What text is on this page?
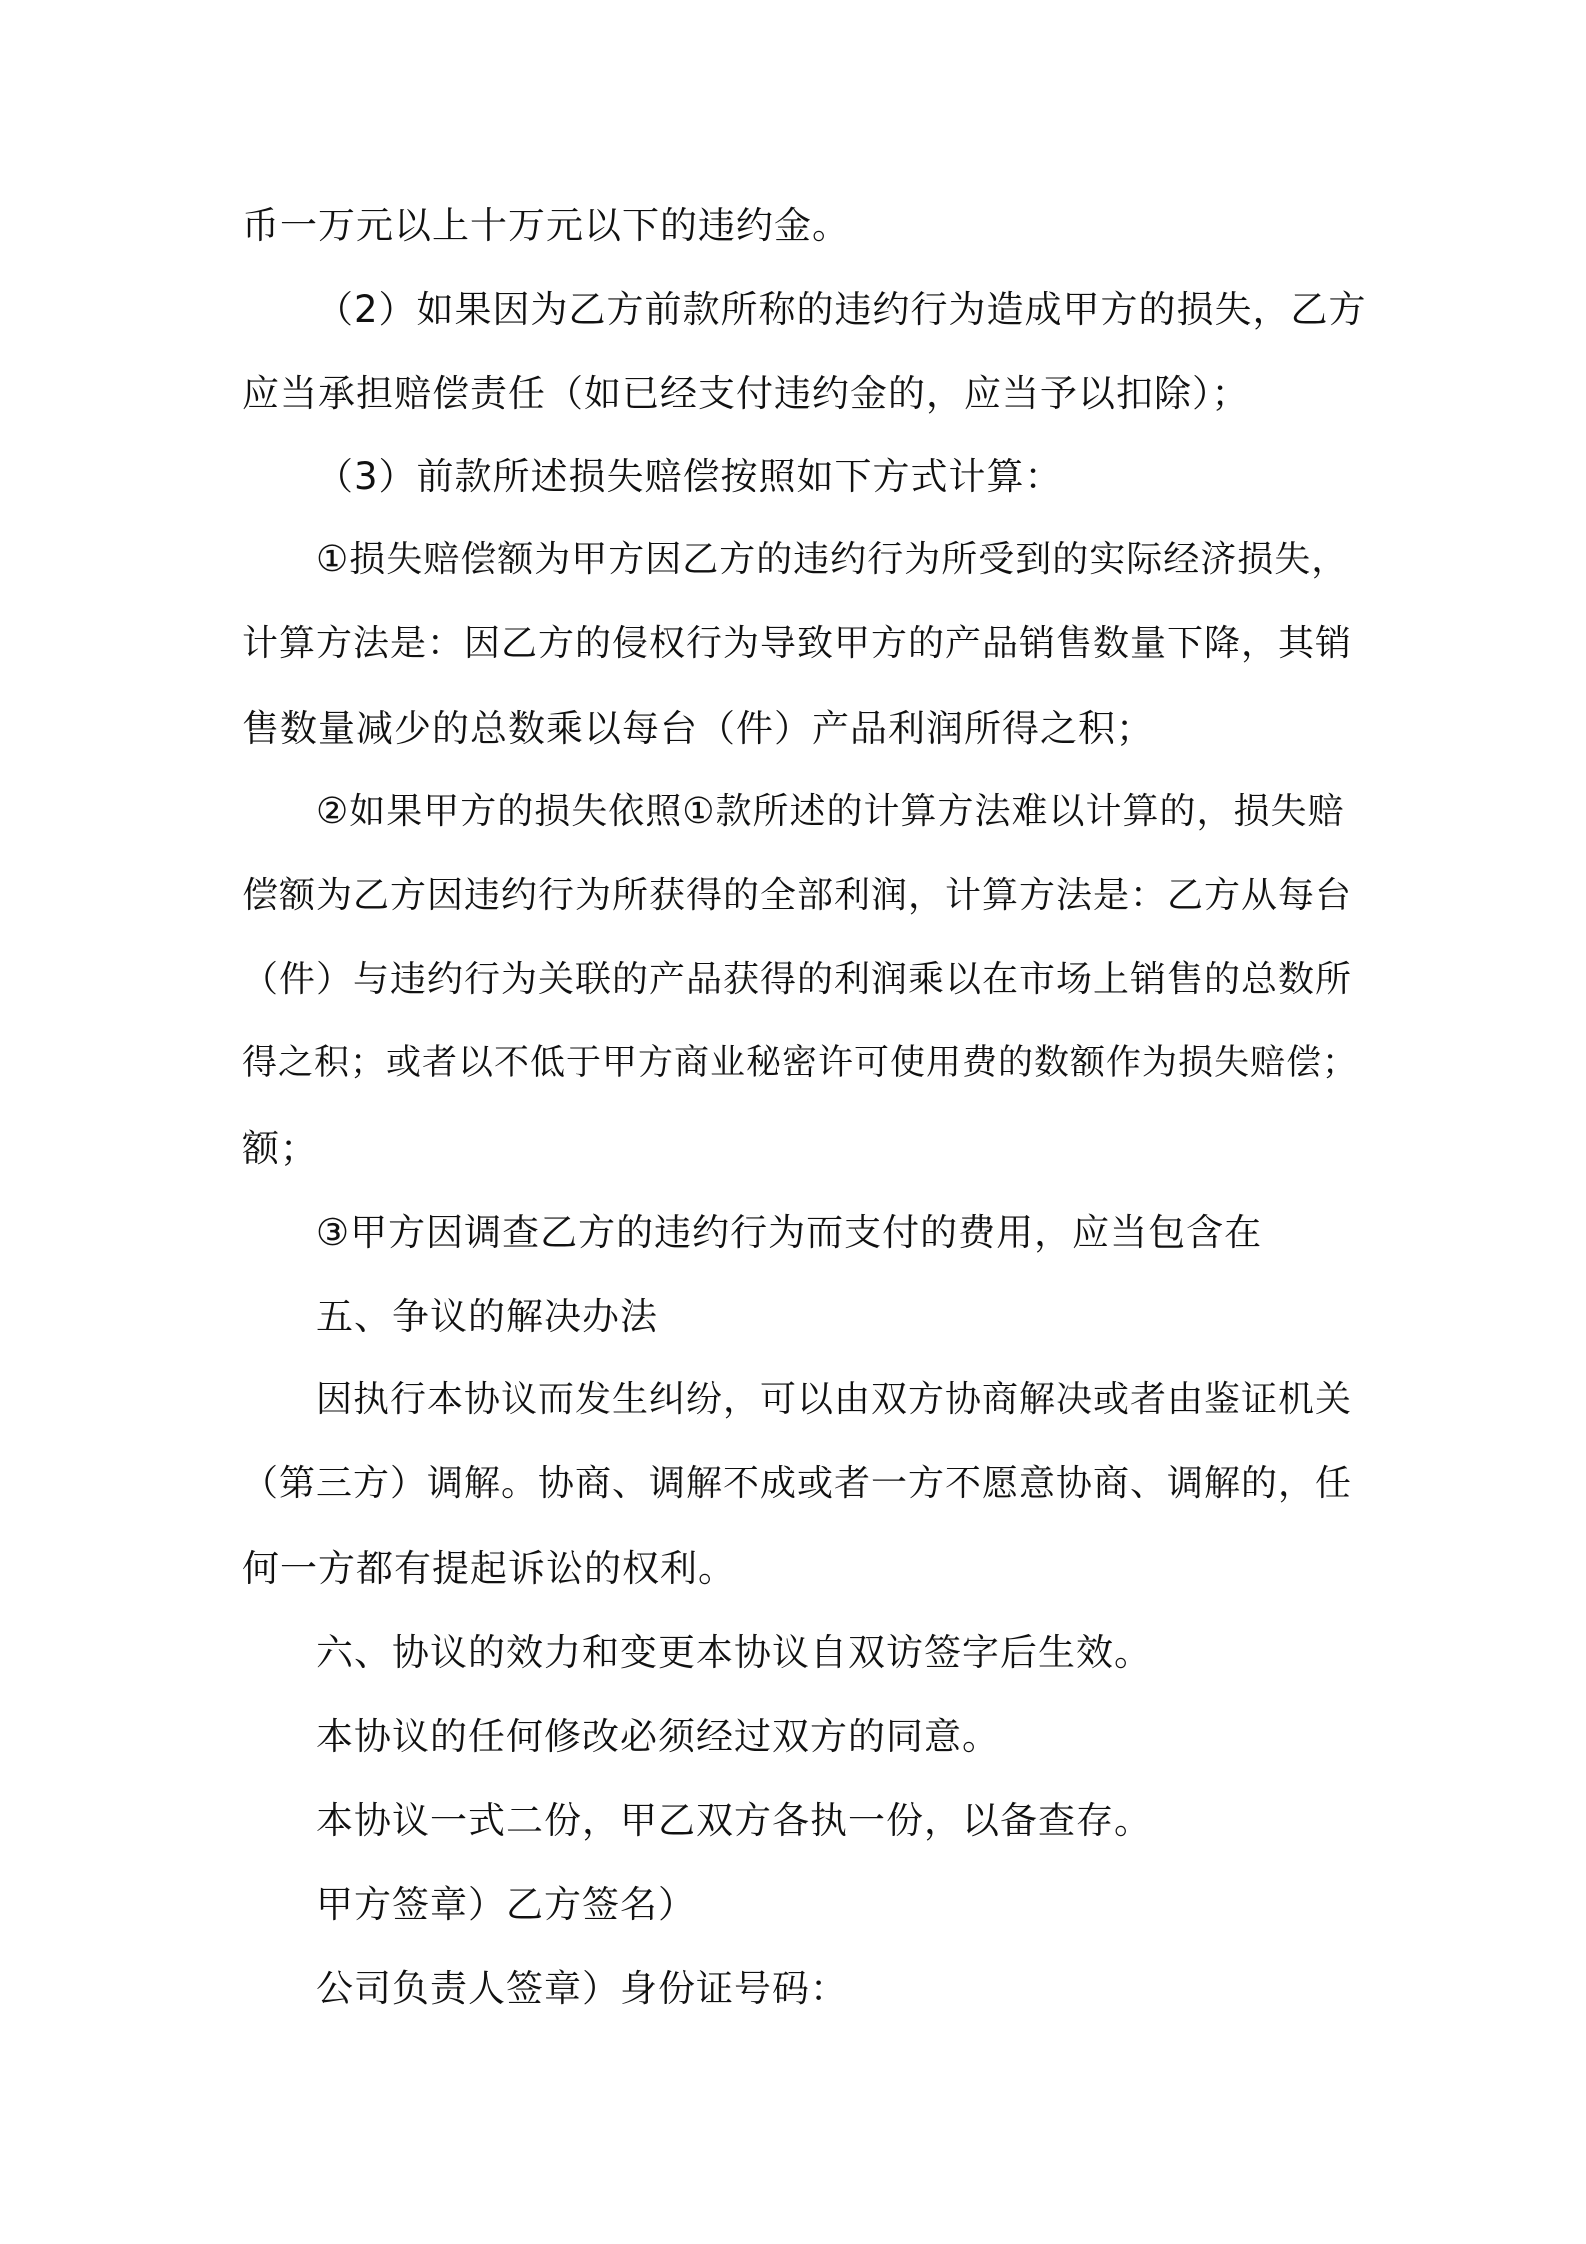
币一万元以上十万元以下的违约金。

（2）如果因为乙方前款所称的违约行为造成甲方的损失，乙方

应当承担赔偿责任（如已经支付违约金的，应当予以扣除）；

（3）前款所述损失赔偿按照如下方式计算：

①损失赔偿额为甲方因乙方的违约行为所受到的实际经济损失，

计算方法是：因乙方的侵权行为导致甲方的产品销售数量下降，其销

售数量减少的总数乘以每台（件）产品利润所得之积；

②如果甲方的损失依照①款所述的计算方法难以计算的，损失赔

偿额为乙方因违约行为所获得的全部利润，计算方法是：乙方从每台

（件）与违约行为关联的产品获得的利润乘以在市场上销售的总数所

得之积；或者以不低于甲方商业秘密许可使用费的数额作为损失赔偿；

额；

③甲方因调查乙方的违约行为而支付的费用，应当包含在

五、争议的解决办法

因执行本协议而发生纠纷，可以由双方协商解决或者由鉴证机关

（第三方）调解。协商、调解不成或者一方不愿意协商、调解的，任

何一方都有提起诉讼的权利。

六、协议的效力和变更本协议自双访签字后生效。

本协议的任何修改必须经过双方的同意。

本协议一式二份，甲乙双方各执一份，以备查存。

甲方签章）乙方签名）

公司负责人签章）身份证号码：
